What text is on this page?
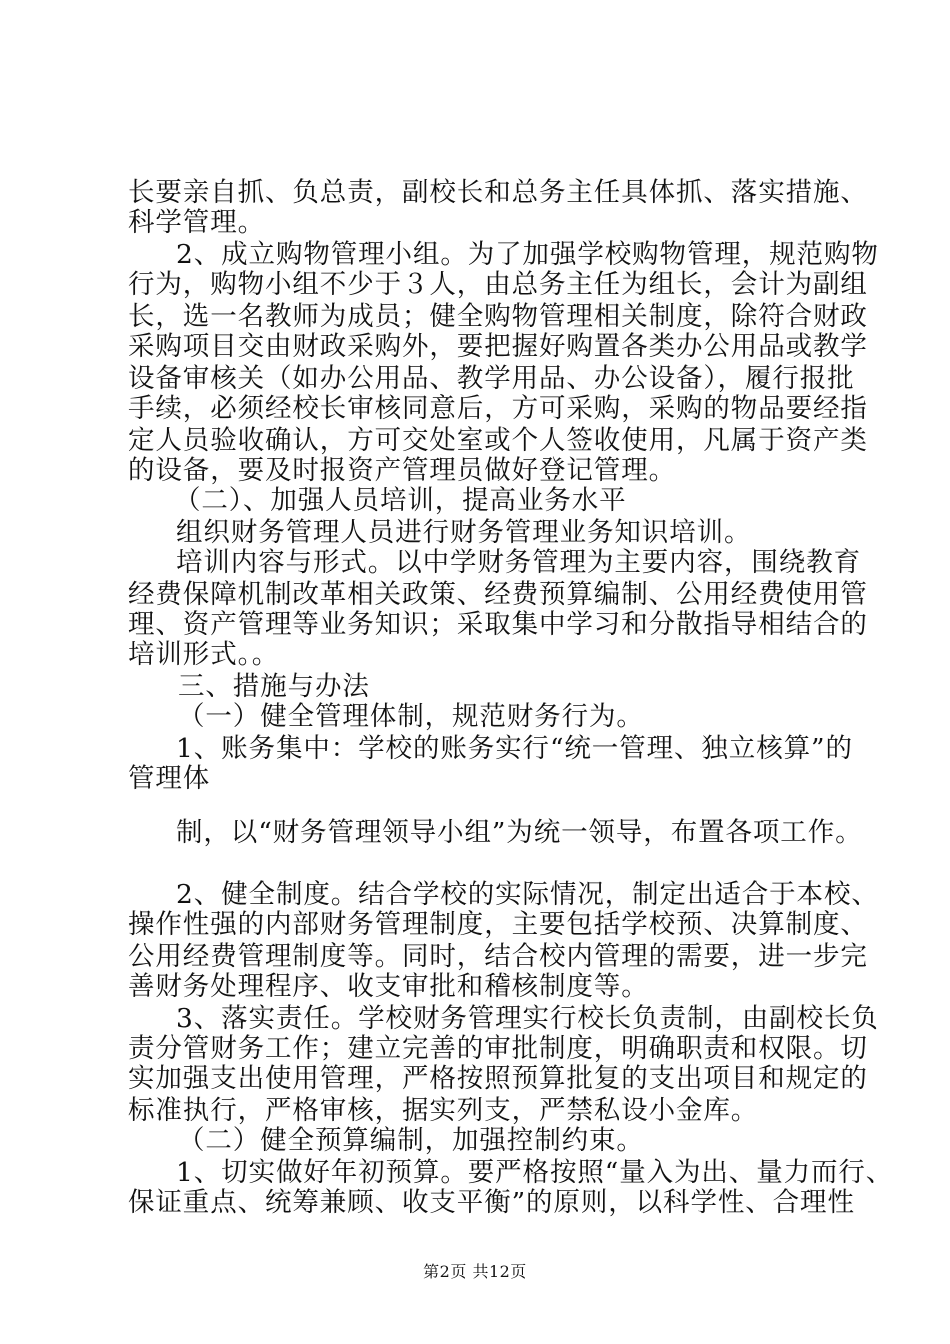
长要亲自抓、负总责，副校长和总务主任具体抓、落实措施、
科学管理。
2、成立购物管理小组。为了加强学校购物管理，规范购物
行为，购物小组不少于３人，由总务主任为组长，会计为副组
长，选一名教师为成员；健全购物管理相关制度，除符合财政
采购项目交由财政采购外，要把握好购置各类办公用品或教学
设备审核关（如办公用品、教学用品、办公设备），履行报批
手续，必须经校长审核同意后，方可采购，采购的物品要经指
定人员验收确认，方可交处室或个人签收使用，凡属于资产类
的设备，要及时报资产管理员做好登记管理。
（二）、加强人员培训，提高业务水平
组织财务管理人员进行财务管理业务知识培训。
培训内容与形式。以中学财务管理为主要内容，围绕教育
经费保障机制改革相关政策、经费预算编制、公用经费使用管
理、资产管理等业务知识；采取集中学习和分散指导相结合的
培训形式。。
三、措施与办法
（一）健全管理体制，规范财务行为。
1、账务集中：学校的账务实行“统一管理、独立核算”的
管理体
制，以“财务管理领导小组”为统一领导，布置各项工作。
2、健全制度。结合学校的实际情况，制定出适合于本校、
操作性强的内部财务管理制度，主要包括学校预、决算制度、
公用经费管理制度等。同时，结合校内管理的需要，进一步完
善财务处理程序、收支审批和稽核制度等。
3、落实责任。学校财务管理实行校长负责制，由副校长负
责分管财务工作；建立完善的审批制度，明确职责和权限。切
实加强支出使用管理，严格按照预算批复的支出项目和规定的
标准执行，严格审核，据实列支，严禁私设小金库。
（二）健全预算编制，加强控制约束。
1、切实做好年初预算。要严格按照“量入为出、量力而行、
保证重点、统筹兼顾、收支平衡”的原则，以科学性、合理性
第2页 共12页
